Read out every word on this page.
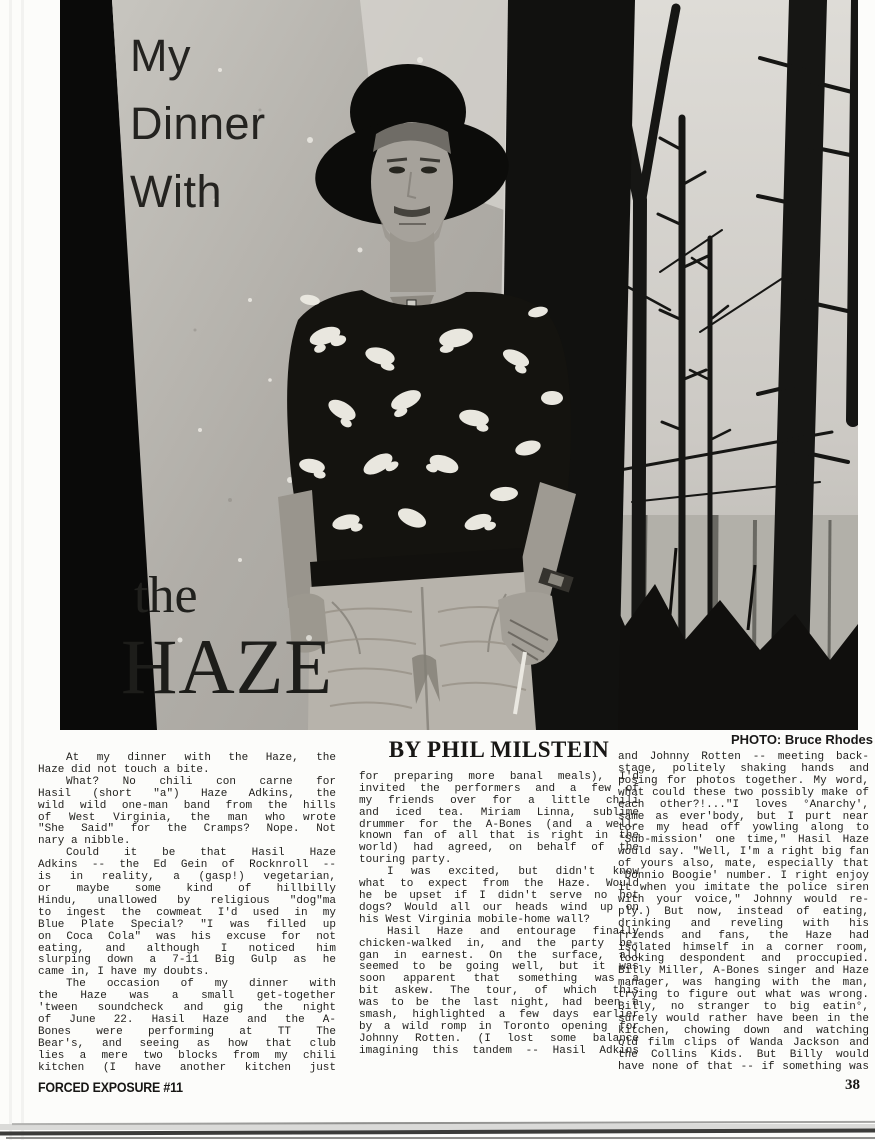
My
Dinner
With
the
HAZE
PHOTO: Bruce Rhodes
At my dinner with the Haze, the
Haze did not touch a bite.
What? No chili con carne for
Hasil (short "a") Haze Adkins, the
wild wild one-man band from the hills
of West Virginia, the man who wrote
"She Said" for the Cramps? Nope. Not
nary a nibble.
Could it be that Hasil Haze
Adkins -- the Ed Gein of Rocknroll --
is in reality, a (gasp!) vegetarian,
or maybe some kind of hillbilly
Hindu, unallowed by religious "dog"ma
to ingest the cowmeat I'd used in my
Blue Plate Special? "I was filled up
on Coca Cola" was his excuse for not
eating, and although I noticed him
slurping down a 7-11 Big Gulp as he
came in, I have my doubts.
The occasion of my dinner with
the Haze was a small get-together
'tween soundcheck and gig the night
of June 22. Hasil Haze and the A-
Bones were performing at TT The
Bear's, and seeing as how that club
lies a mere two blocks from my chili
kitchen (I have another kitchen just
BY PHIL MILSTEIN
for preparing more banal meals), I'd
invited the performers and a few of
my friends over for a little chili
and iced tea. Miriam Linna, sublime
drummer for the A-Bones (and a well-
known fan of all that is right in the
world) had agreed, on behalf of the
touring party.
I was excited, but didn't know
what to expect from the Haze. Would
he be upset if I didn't serve no hot
dogs? Would all our heads wind up on
his West Virginia mobile-home wall?
Hasil Haze and entourage finally
chicken-walked in, and the party be-
gan in earnest. On the surface, all
seemed to be going well, but it was
soon apparent that something was a
bit askew. The tour, of which this
was to be the last night, had been a
smash, highlighted a few days earlier
by a wild romp in Toronto opening for
Johnny Rotten. (I lost some balance
imagining this tandem -- Hasil Adkins
and Johnny Rotten -- meeting back-
stage, politely shaking hands and
posing for photos together. My word,
what could these two possibly make of
each other?!..."I loves °Anarchy',
same as ever'body, but I purt near
tore my head off yowling along to
°Sub-mission' one time," Hasil Haze
would say. "Well, I'm a right big fan
of yours also, mate, especially that
°Donnio Boogie' number. I right enjoy
it when you imitate the police siren
with your voice," Johnny would re-
ply.) But now, instead of eating,
drinking and reveling with his
friends and fans, the Haze had
isolated himself in a corner room,
looking despondent and proccupied.
Billy Miller, A-Bones singer and Haze
manager, was hanging with the man,
trying to figure out what was wrong.
Billy, no stranger to big eatin°,
surely would rather have been in the
kitchen, chowing down and watching
old film clips of Wanda Jackson and
the Collins Kids. But Billy would
have none of that -- if something was
FORCED EXPOSURE #11	38
